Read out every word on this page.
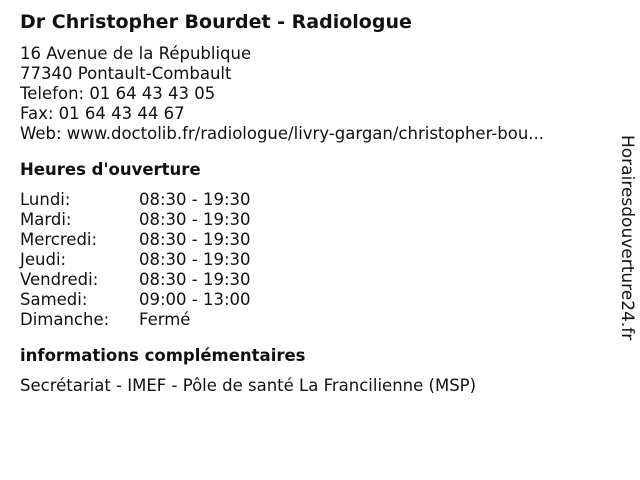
Dr Christopher Bourdet - Radiologue
16 Avenue de la République
77340 Pontault-Combault
Telefon: 01 64 43 43 05
Fax: 01 64 43 44 67
Web: www.doctolib.fr/radiologue/livry-gargan/christopher-bou...
Heures d'ouverture
Lundi:	08:30 - 19:30
Mardi:	08:30 - 19:30
Mercredi:	08:30 - 19:30
Jeudi:	08:30 - 19:30
Vendredi:	08:30 - 19:30
Samedi:	09:00 - 13:00
Dimanche:	Fermé
informations complémentaires
Secrétariat - IMEF - Pôle de santé La Francilienne (MSP)
Horairesdouverture24.fr
